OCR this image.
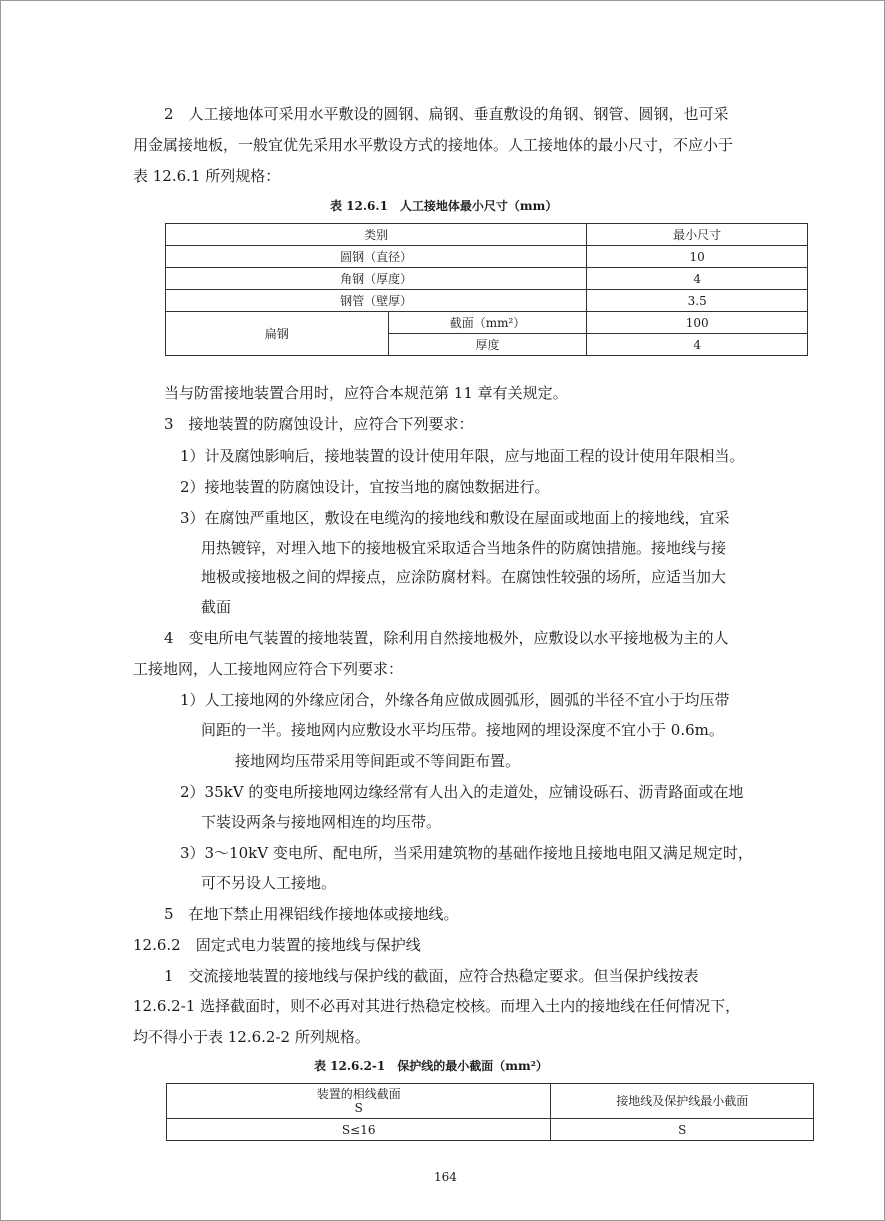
2　人工接地体可采用水平敷设的圆钢、扁钢、垂直敷设的角钢、钢管、圆钢，也可采
用金属接地板，一般宜优先采用水平敷设方式的接地体。人工接地体的最小尺寸，不应小于
表 12.6.1 所列规格：
表 12.6.1　人工接地体最小尺寸（mm）
类别		最小尺寸
圆钢（直径）		10
角钢（厚度）		4
钢管（壁厚）		3.5
扁钢	截面（mm²）	100
	厚度	4
当与防雷接地装置合用时，应符合本规范第 11 章有关规定。
3　接地装置的防腐蚀设计，应符合下列要求：
1）计及腐蚀影响后，接地装置的设计使用年限，应与地面工程的设计使用年限相当。
2）接地装置的防腐蚀设计，宜按当地的腐蚀数据进行。
3）在腐蚀严重地区，敷设在电缆沟的接地线和敷设在屋面或地面上的接地线，宜采
用热镀锌，对埋入地下的接地极宜采取适合当地条件的防腐蚀措施。接地线与接
地极或接地极之间的焊接点，应涂防腐材料。在腐蚀性较强的场所，应适当加大
截面
4　变电所电气装置的接地装置，除利用自然接地极外，应敷设以水平接地极为主的人
工接地网，人工接地网应符合下列要求：
1）人工接地网的外缘应闭合，外缘各角应做成圆弧形，圆弧的半径不宜小于均压带
间距的一半。接地网内应敷设水平均压带。接地网的埋设深度不宜小于 0.6m。
接地网均压带采用等间距或不等间距布置。
2）35kV 的变电所接地网边缘经常有人出入的走道处，应铺设砾石、沥青路面或在地
下装设两条与接地网相连的均压带。
3）3～10kV 变电所、配电所，当采用建筑物的基础作接地且接地电阻又满足规定时，
可不另设人工接地。
5　在地下禁止用裸铝线作接地体或接地线。
12.6.2　固定式电力装置的接地线与保护线
1　交流接地装置的接地线与保护线的截面，应符合热稳定要求。但当保护线按表
12.6.2-1 选择截面时，则不必再对其进行热稳定校核。而埋入土内的接地线在任何情况下，
均不得小于表 12.6.2-2 所列规格。
表 12.6.2-1　保护线的最小截面（mm²）
装置的相线截面
S	接地线及保护线最小截面
S≤16	S
164
